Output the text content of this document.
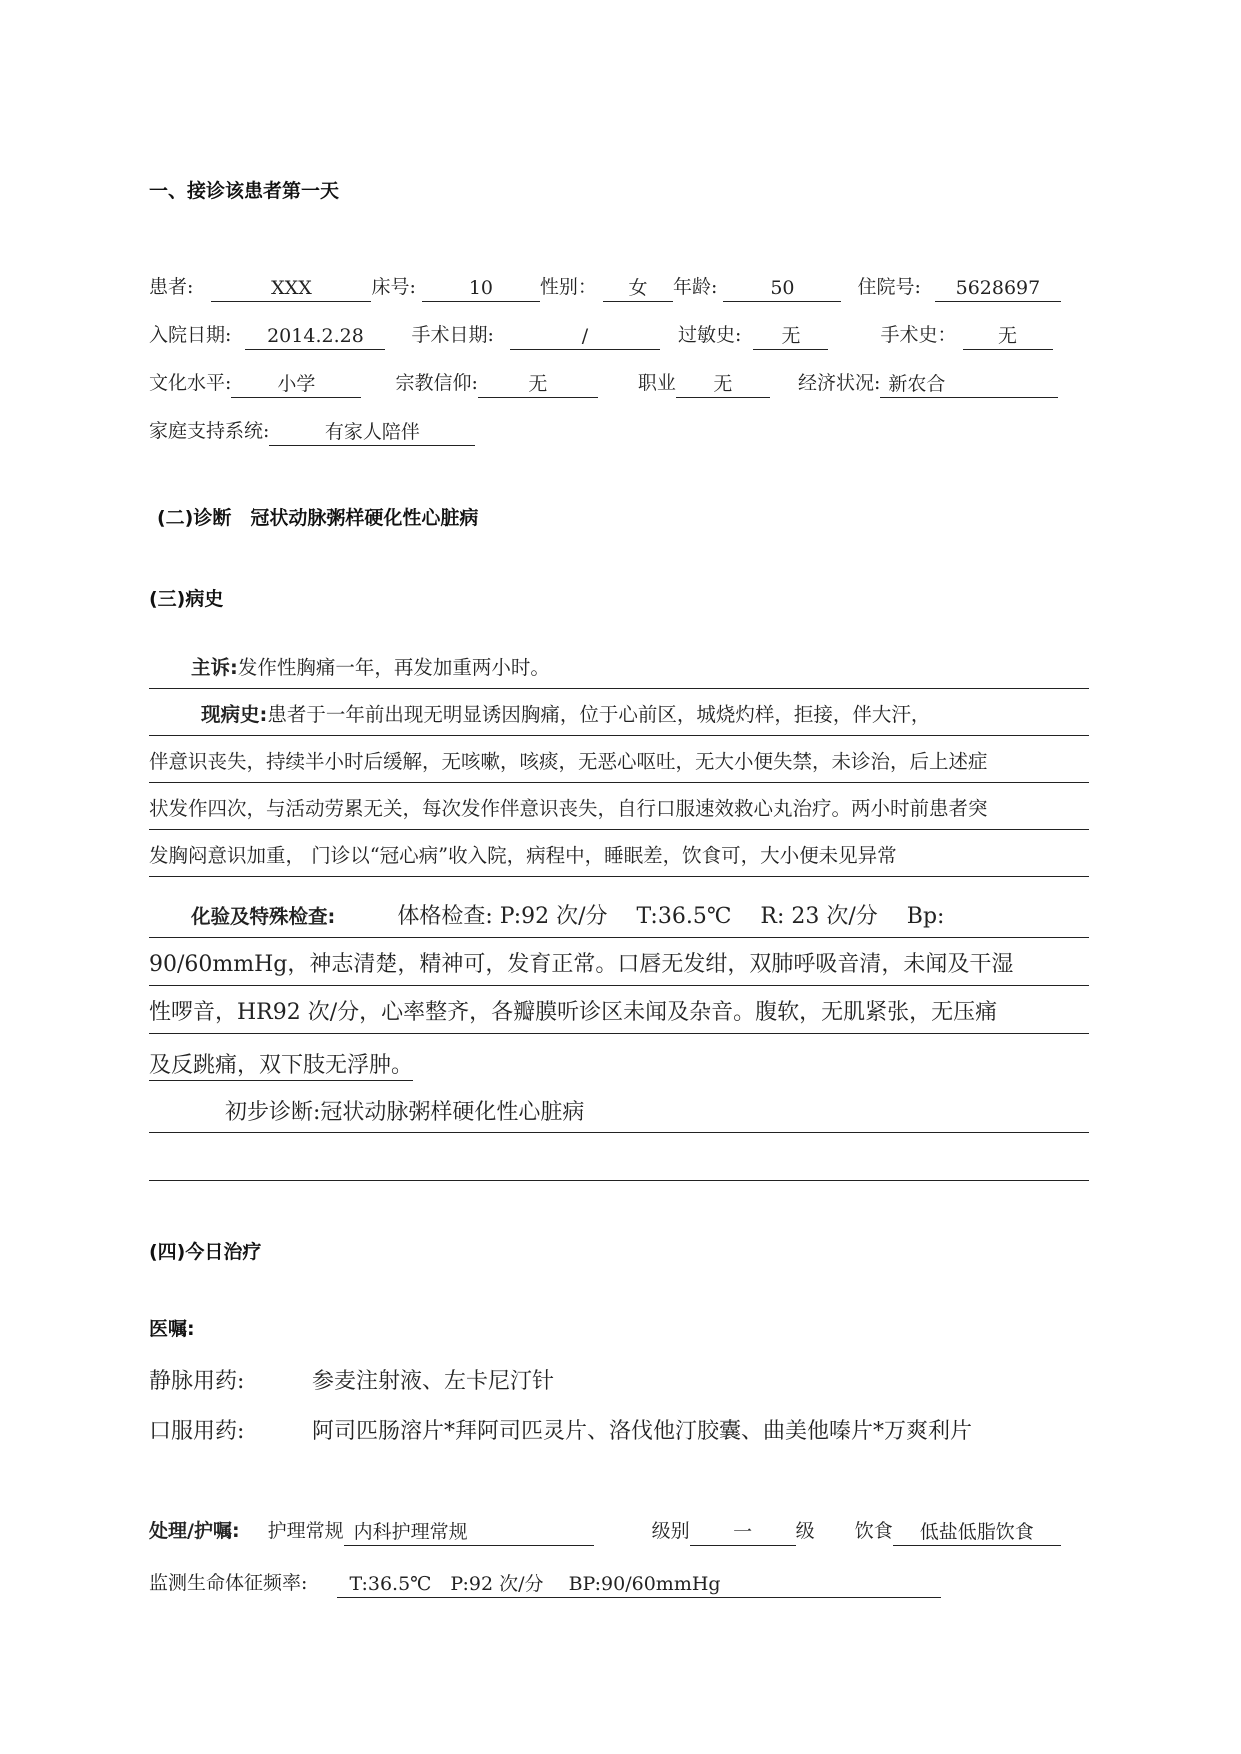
一、接诊该患者第一天
患者:	XXX	床号:	10 性别： 女 年龄:	50	住院号: 5628697
入院日期: 2014.2.28	手术日期:	/	过敏史: 无	手术史： 无
文化水平: 小学	宗教信仰:	无	职业 无	经济状况: 新农合
家庭支持系统:	有家人陪伴
(二)诊断　冠状动脉粥样硬化性心脏病
(三)病史
主诉:发作性胸痛一年，再发加重两小时。
现病史:患者于一年前出现无明显诱因胸痛，位于心前区，城烧灼样，拒接，伴大汗，
伴意识丧失，持续半小时后缓解，无咳嗽，咳痰，无恶心呕吐，无大小便失禁，未诊治，后上述症
状发作四次，与活动劳累无关，每次发作伴意识丧失，自行口服速效救心丸治疗。两小时前患者突
发胸闷意识加重， 门诊以“冠心病”收入院，病程中，睡眠差，饮食可，大小便未见异常
化验及特殊检查:	体格检查: P:92 次/分　 T:36.5℃　 R: 23 次/分　 Bp:
90/60mmHg，神志清楚，精神可，发育正常。口唇无发绀，双肺呼吸音清，未闻及干湿
性啰音，HR92 次/分，心率整齐，各瓣膜听诊区未闻及杂音。腹软，无肌紧张，无压痛
及反跳痛，双下肢无浮肿。
初步诊断:冠状动脉粥样硬化性心脏病
(四)今日治疗
医嘱:
静脉用药:	参麦注射液、左卡尼汀针
口服用药:	阿司匹肠溶片*拜阿司匹灵片、洛伐他汀胶囊、曲美他嗪片*万爽利片
处理/护嘱: 护理常规 内科护理常规	级别 一 级 饮食 低盐低脂饮食
监测生命体征频率: T:36.5℃　P:92 次/分　 BP:90/60mmHg
